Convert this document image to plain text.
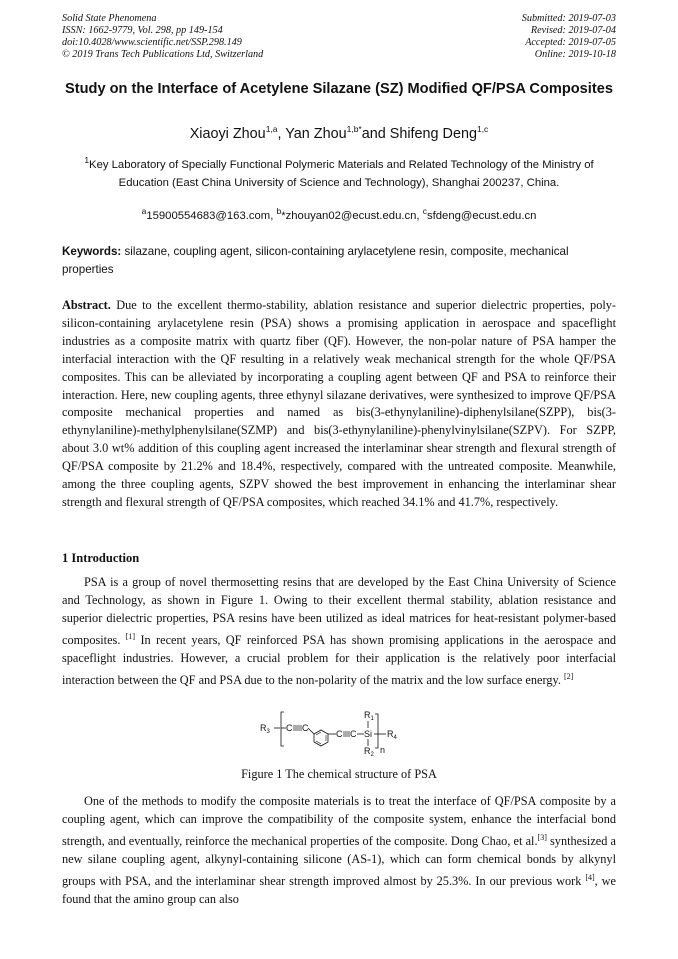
Solid State Phenomena
ISSN: 1662-9779, Vol. 298, pp 149-154
doi:10.4028/www.scientific.net/SSP.298.149
© 2019 Trans Tech Publications Ltd, Switzerland
Submitted: 2019-07-03
Revised: 2019-07-04
Accepted: 2019-07-05
Online: 2019-10-18
Study on the Interface of Acetylene Silazane (SZ) Modified QF/PSA Composites
Xiaoyi Zhou$^{1,a}$, Yan Zhou$^{1,b*}$and Shifeng Deng$^{1,c}$
$^1$Key Laboratory of Specially Functional Polymeric Materials and Related Technology of the Ministry of Education (East China University of Science and Technology), Shanghai 200237, China.
$^a$15900554683@163.com, $^b$*zhouyan02@ecust.edu.cn, $^c$sfdeng@ecust.edu.cn
Keywords: silazane, coupling agent, silicon-containing arylacetylene resin, composite, mechanical properties
Abstract. Due to the excellent thermo-stability, ablation resistance and superior dielectric properties, poly-silicon-containing arylacetylene resin (PSA) shows a promising application in aerospace and spaceflight industries as a composite matrix with quartz fiber (QF). However, the non-polar nature of PSA hamper the interfacial interaction with the QF resulting in a relatively weak mechanical strength for the whole QF/PSA composites. This can be alleviated by incorporating a coupling agent between QF and PSA to reinforce their interaction. Here, new coupling agents, three ethynyl silazane derivatives, were synthesized to improve QF/PSA composite mechanical properties and named as bis(3-ethynylaniline)-diphenylsilane(SZPP), bis(3-ethynylaniline)-methylphenylsilane(SZMP) and bis(3-ethynylaniline)-phenylvinylsilane(SZPV). For SZPP, about 3.0 wt% addition of this coupling agent increased the interlaminar shear strength and flexural strength of QF/PSA composite by 21.2% and 18.4%, respectively, compared with the untreated composite. Meanwhile, among the three coupling agents, SZPV showed the best improvement in enhancing the interlaminar shear strength and flexural strength of QF/PSA composites, which reached 34.1% and 41.7%, respectively.
1 Introduction
PSA is a group of novel thermosetting resins that are developed by the East China University of Science and Technology, as shown in Figure 1. Owing to their excellent thermal stability, ablation resistance and superior dielectric properties, PSA resins have been utilized as ideal matrices for heat-resistant polymer-based composites. [1] In recent years, QF reinforced PSA has shown promising applications in the aerospace and spaceflight industries. However, a crucial problem for their application is the relatively poor interfacial interaction between the QF and PSA due to the non-polarity of the matrix and the low surface energy. [2]
$R_3$ C C
C C Si
$R_1$
$R_2$
$R_4$
n
Figure 1 The chemical structure of PSA
One of the methods to modify the composite materials is to treat the interface of QF/PSA composite by a coupling agent, which can improve the compatibility of the composite system, enhance the interfacial bond strength, and eventually, reinforce the mechanical properties of the composite. Dong Chao, et al.[3] synthesized a new silane coupling agent, alkynyl-containing silicone (AS-1), which can form chemical bonds by alkynyl groups with PSA, and the interlaminar shear strength improved almost by 25.3%. In our previous work [4], we found that the amino group can also
